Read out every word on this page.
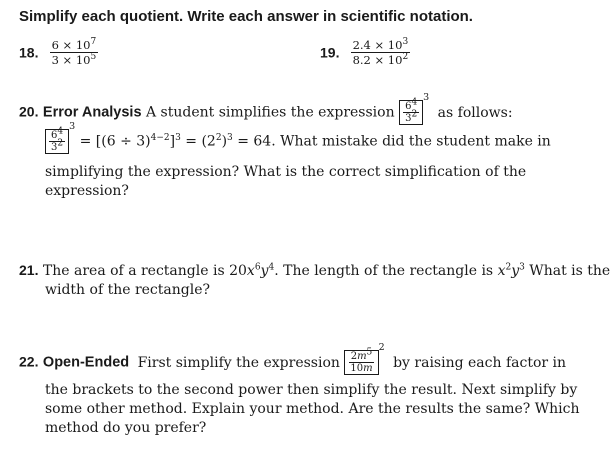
Simplify each quotient. Write each answer in scientific notation.
18. $\frac{6 \times 10^7}{3 \times 10^5}$	19. $\frac{2.4 \times 10^3}{8.2 \times 10^2}$
20. Error Analysis A student simplifies the expression $\frac{6^4}{3^2}$
$^3$ as follows:
$\frac{6^4}{3^2}$
$^3 = [(6 \div 3)^{4-2}]^3 = (2^2)^3 = 64$. What mistake did the student make in
simplifying the expression? What is the correct simplification of the
expression?
21. The area of a rectangle is $20x^6y^4$. The length of the rectangle is $x^2y^3$ What is the
width of the rectangle?
22. Open-Ended First simplify the expression $\frac{2m^5}{10m}$
$^2$ by raising each factor in
the brackets to the second power then simplify the result. Next simplify by
some other method. Explain your method. Are the results the same? Which
method do you prefer?
